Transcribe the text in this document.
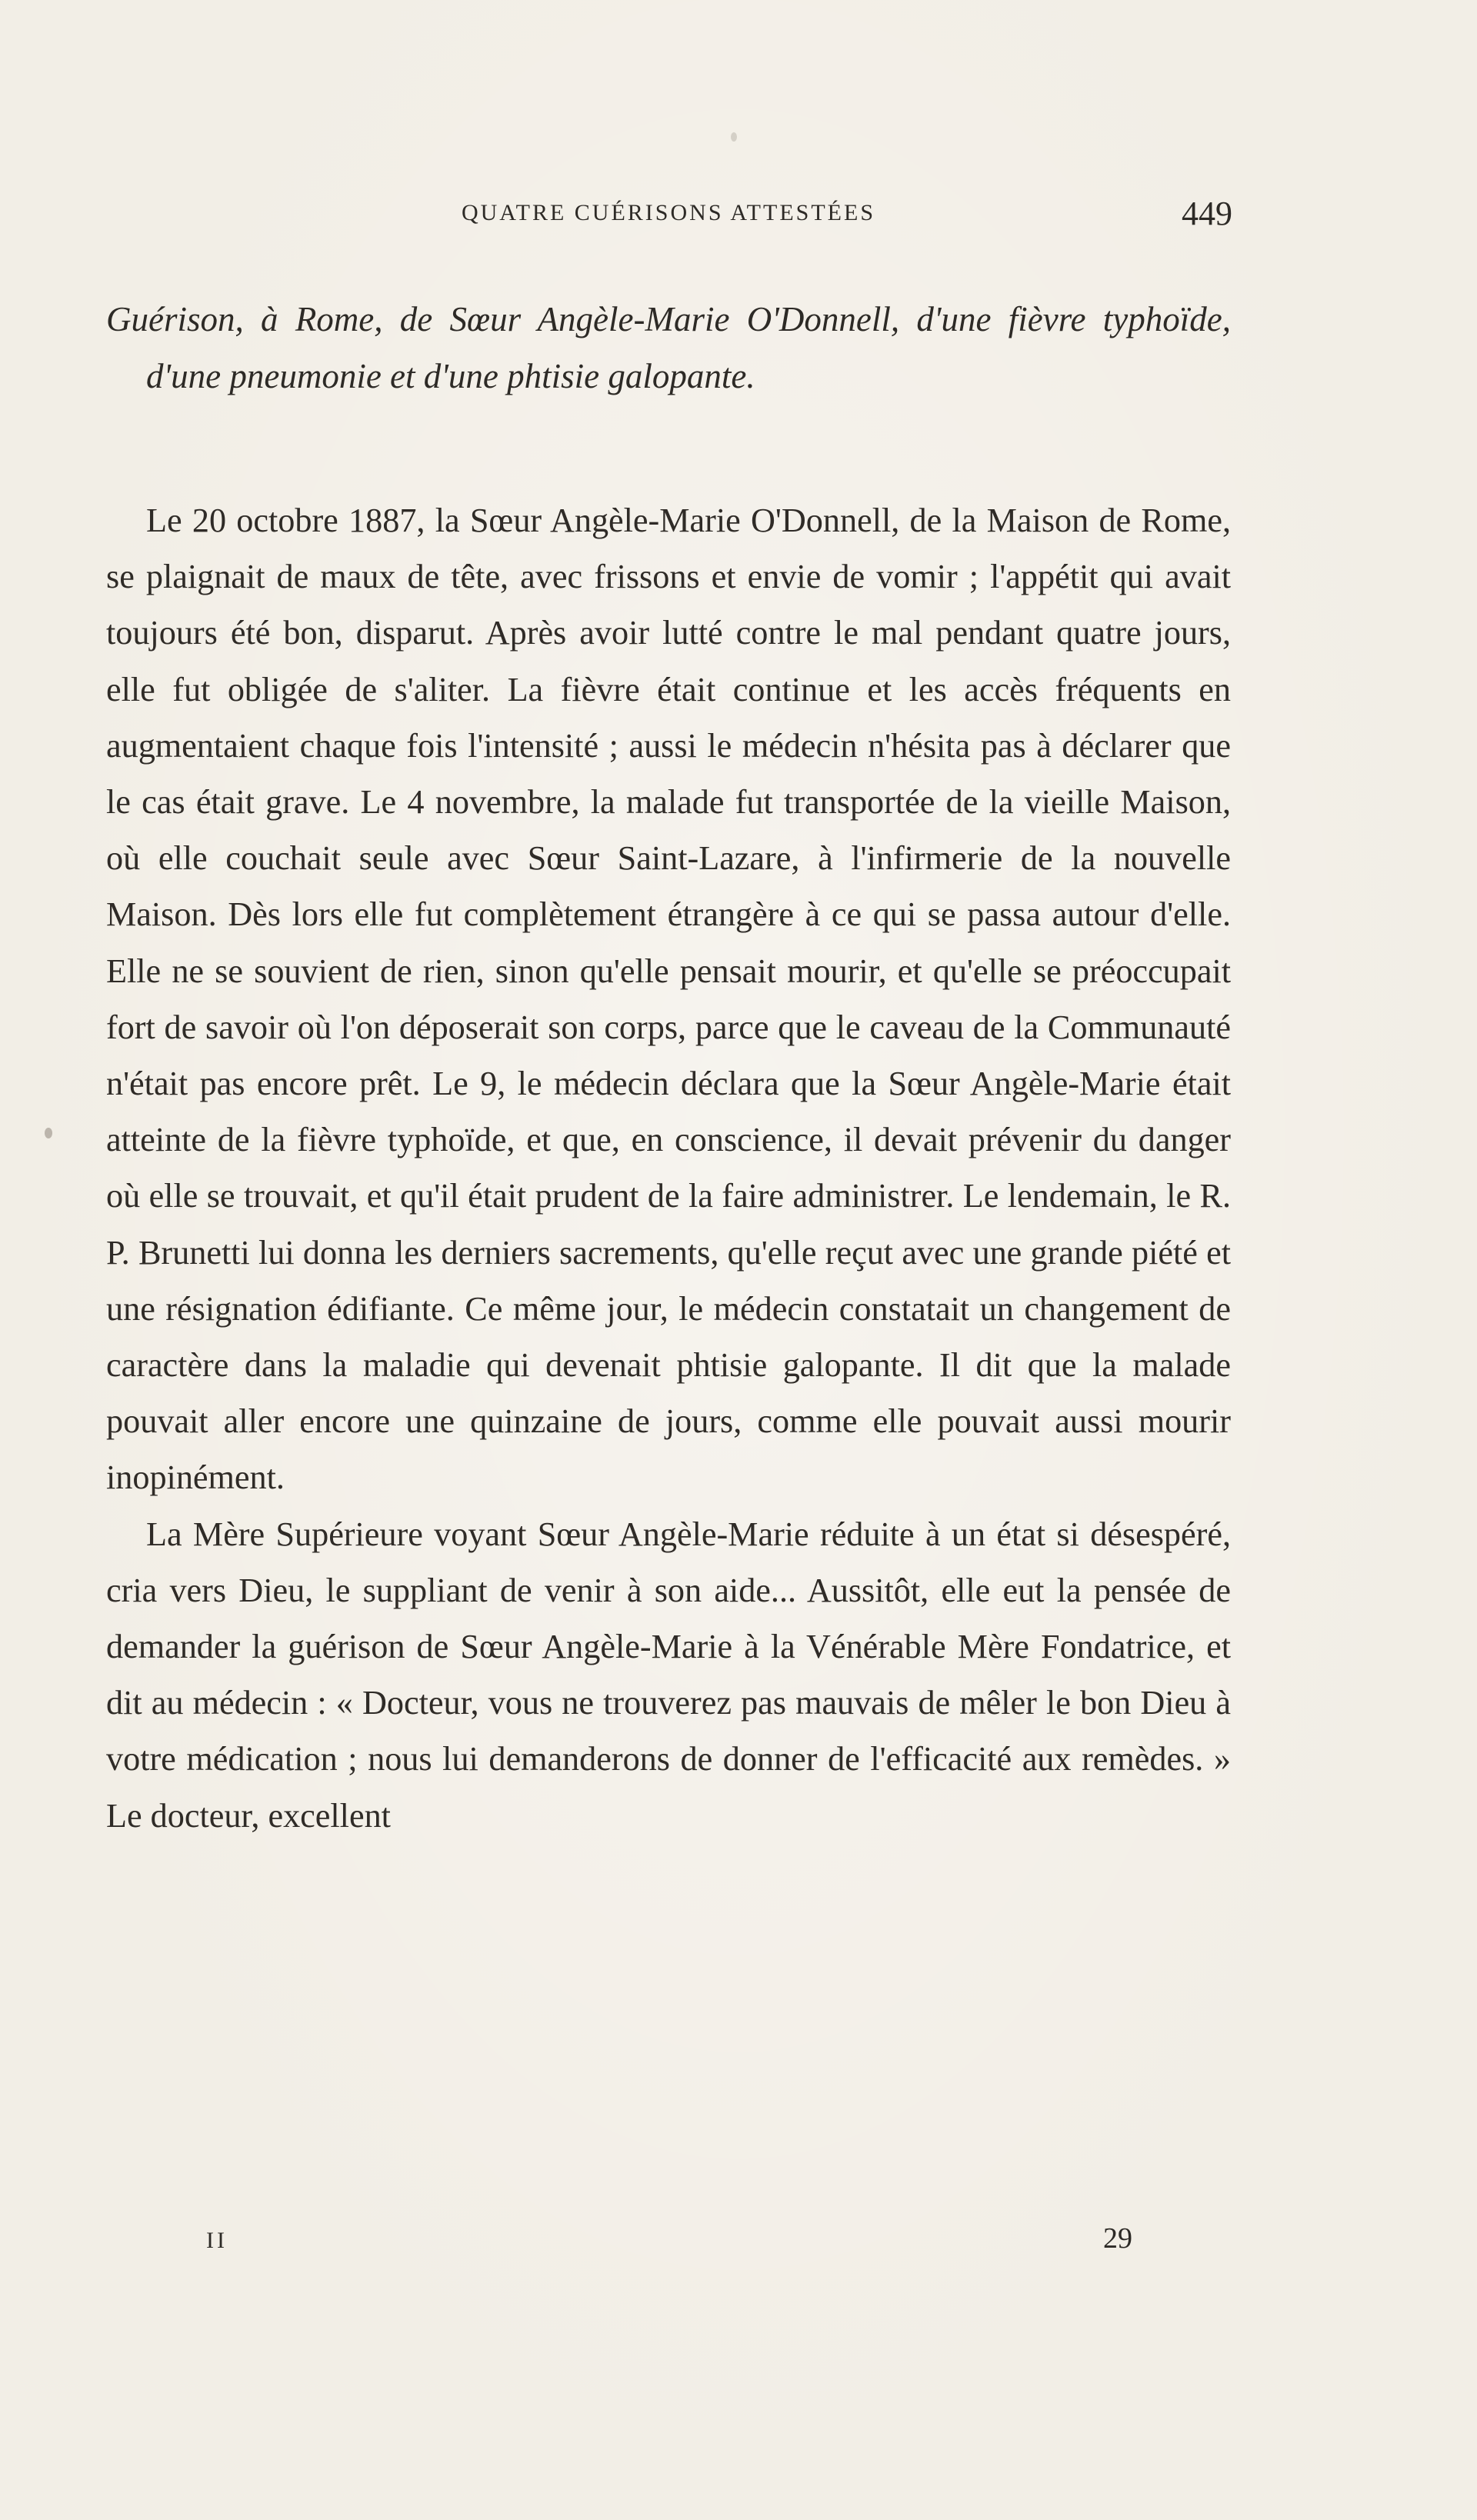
QUATRE CUÉRISONS ATTESTÉES	449
Guérison, à Rome, de Sœur Angèle-Marie O'Donnell, d'une fièvre typhoïde, d'une pneumonie et d'une phtisie galopante.

Le 20 octobre 1887, la Sœur Angèle-Marie O'Donnell, de la Maison de Rome, se plaignait de maux de tête, avec frissons et envie de vomir ; l'appétit qui avait toujours été bon, disparut. Après avoir lutté contre le mal pendant quatre jours, elle fut obligée de s'aliter. La fièvre était continue et les accès fréquents en augmentaient chaque fois l'intensité ; aussi le médecin n'hésita pas à déclarer que le cas était grave. Le 4 novembre, la malade fut transportée de la vieille Maison, où elle couchait seule avec Sœur Saint-Lazare, à l'infirmerie de la nouvelle Maison. Dès lors elle fut complètement étrangère à ce qui se passa autour d'elle. Elle ne se souvient de rien, sinon qu'elle pensait mourir, et qu'elle se préoccupait fort de savoir où l'on déposerait son corps, parce que le caveau de la Communauté n'était pas encore prêt. Le 9, le médecin déclara que la Sœur Angèle-Marie était atteinte de la fièvre typhoïde, et que, en conscience, il devait prévenir du danger où elle se trouvait, et qu'il était prudent de la faire administrer. Le lendemain, le R. P. Brunetti lui donna les derniers sacrements, qu'elle reçut avec une grande piété et une résignation édifiante. Ce même jour, le médecin constatait un changement de caractère dans la maladie qui devenait phtisie galopante. Il dit que la malade pouvait aller encore une quinzaine de jours, comme elle pouvait aussi mourir inopinément.

La Mère Supérieure voyant Sœur Angèle-Marie réduite à un état si désespéré, cria vers Dieu, le suppliant de venir à son aide... Aussitôt, elle eut la pensée de demander la guérison de Sœur Angèle-Marie à la Vénérable Mère Fondatrice, et dit au médecin : « Docteur, vous ne trouverez pas mauvais de mêler le bon Dieu à votre médication ; nous lui demanderons de donner de l'efficacité aux remèdes. » Le docteur, excellent

II	29
